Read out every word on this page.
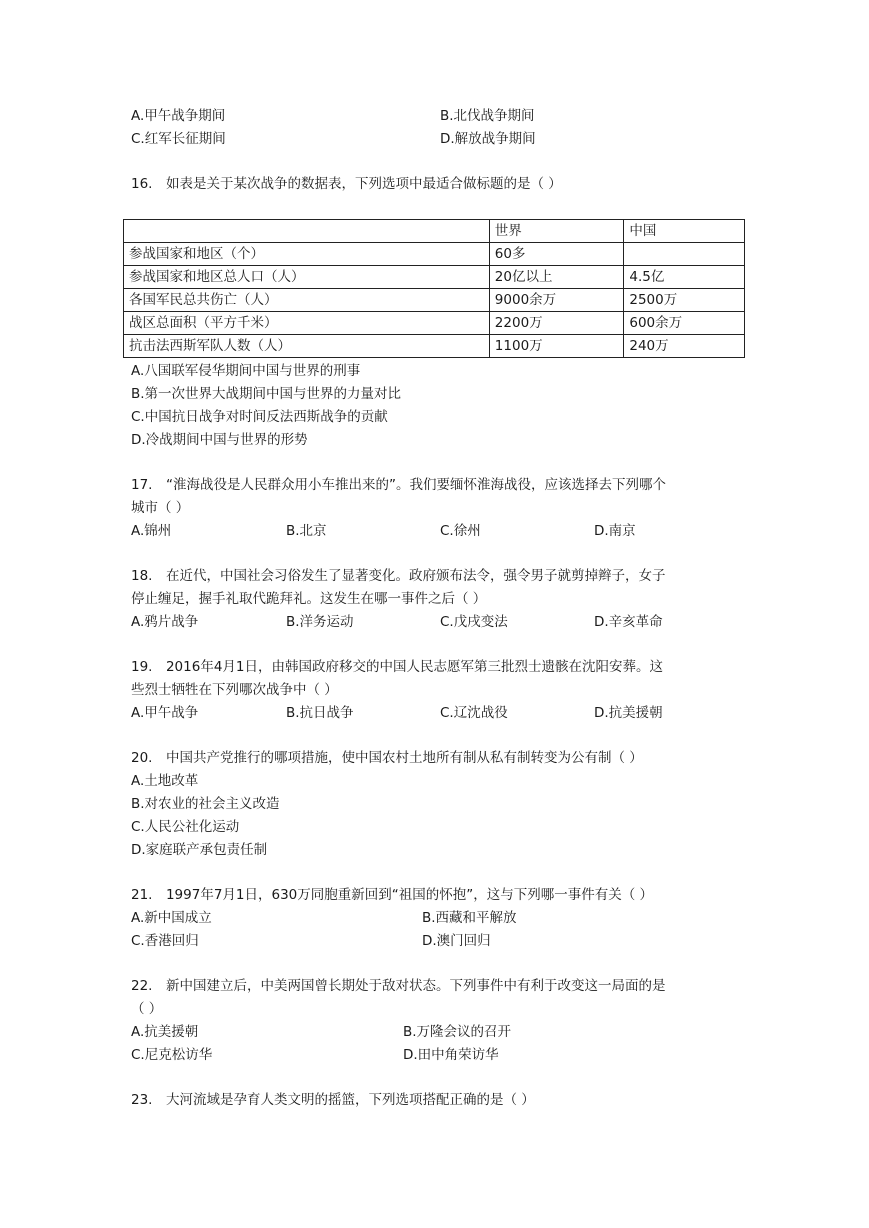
A.甲午战争期间	B.北伐战争期间
C.红军长征期间	D.解放战争期间
16.　如表是关于某次战争的数据表，下列选项中最适合做标题的是（ ）
	世界	中国
参战国家和地区（个）	60多	
参战国家和地区总人口（人）	20亿以上	4.5亿
各国军民总共伤亡（人）	9000余万	2500万
战区总面积（平方千米）	2200万	600余万
抗击法西斯军队人数（人）	1100万	240万
A.八国联军侵华期间中国与世界的刑事
B.第一次世界大战期间中国与世界的力量对比
C.中国抗日战争对时间反法西斯战争的贡献
D.冷战期间中国与世界的形势
17.　“淮海战役是人民群众用小车推出来的”。我们要缅怀淮海战役，应该选择去下列哪个
城市（ ）
A.锦州	B.北京	C.徐州	D.南京
18.　在近代，中国社会习俗发生了显著变化。政府颁布法令，强令男子就剪掉辫子，女子
停止缠足，握手礼取代跪拜礼。这发生在哪一事件之后（ ）
A.鸦片战争	B.洋务运动	C.戊戌变法	D.辛亥革命
19.　2016年4月1日，由韩国政府移交的中国人民志愿军第三批烈士遗骸在沈阳安葬。这
些烈士牺牲在下列哪次战争中（ ）
A.甲午战争	B.抗日战争	C.辽沈战役	D.抗美援朝
20.　中国共产党推行的哪项措施，使中国农村土地所有制从私有制转变为公有制（ ）
A.土地改革
B.对农业的社会主义改造
C.人民公社化运动
D.家庭联产承包责任制
21.　1997年7月1日，630万同胞重新回到“祖国的怀抱”，这与下列哪一事件有关（ ）
A.新中国成立	B.西藏和平解放
C.香港回归	D.澳门回归
22.　新中国建立后，中美两国曾长期处于敌对状态。下列事件中有利于改变这一局面的是
（ ）
A.抗美援朝	B.万隆会议的召开
C.尼克松访华	D.田中角荣访华
23.　大河流域是孕育人类文明的摇篮，下列选项搭配正确的是（ ）
